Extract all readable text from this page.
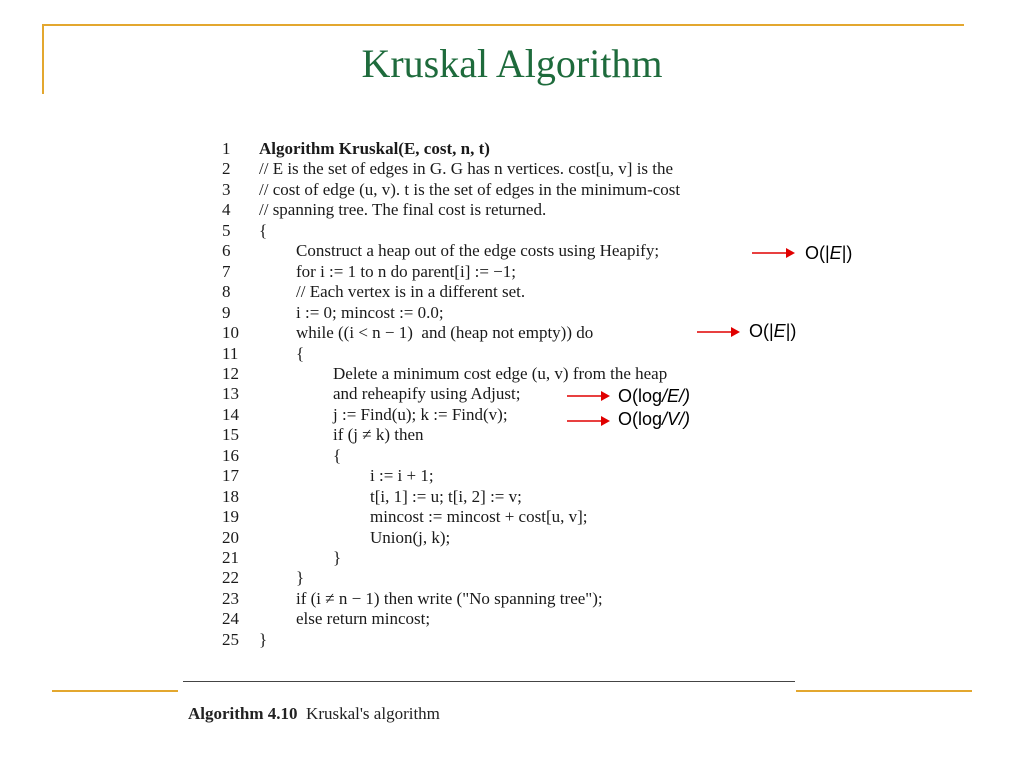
Kruskal Algorithm
1	Algorithm Kruskal(E, cost, n, t)
2	// E is the set of edges in G. G has n vertices. cost[u, v] is the
3	// cost of edge (u, v). t is the set of edges in the minimum-cost
4	// spanning tree. The final cost is returned.
5	{
6	Construct a heap out of the edge costs using Heapify;
7	for i := 1 to n do parent[i] := −1;
8	// Each vertex is in a different set.
9	i := 0; mincost := 0.0;
10	while ((i < n − 1)  and (heap not empty)) do
11	{
12	Delete a minimum cost edge (u, v) from the heap
13	and reheapify using Adjust;
14	j := Find(u); k := Find(v);
15	if (j ≠ k) then
16	{
17	i := i + 1;
18	t[i, 1] := u; t[i, 2] := v;
19	mincost := mincost + cost[u, v];
20	Union(j, k);
21	}
22	}
23	if (i ≠ n − 1) then write ("No spanning tree");
24	else return mincost;
25 }
O(|E|)
O(|E|)
O(log/E/)
O(log/V/)
Algorithm 4.10  Kruskal's algorithm
